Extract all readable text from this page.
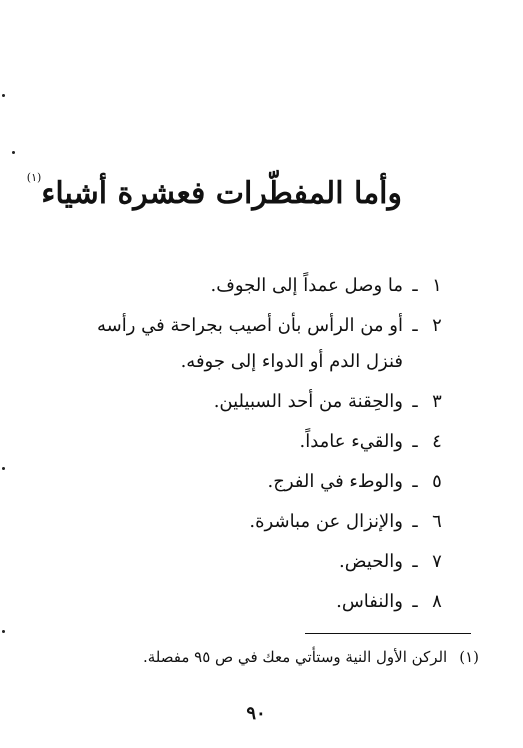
وأما المفطّرات فعشرة أشياء$^{(١)}$
١
ـ
ما وصل عمداً إلى الجوف.
٢
ـ
أو من الرأس بأن أصيب بجراحة في رأسه فنزل الدم أو الدواء إلى جوفه.
٣
ـ
والحِقنة من أحد السبيلين.
٤
ـ
والقيء عامداً.
٥
ـ
والوطء في الفرج.
٦
ـ
والإنزال عن مباشرة.
٧
ـ
والحيض.
٨
ـ
والنفاس.
(١)الركن الأول النية وستأتي معك في ص ٩٥ مفصلة.
٩٠
